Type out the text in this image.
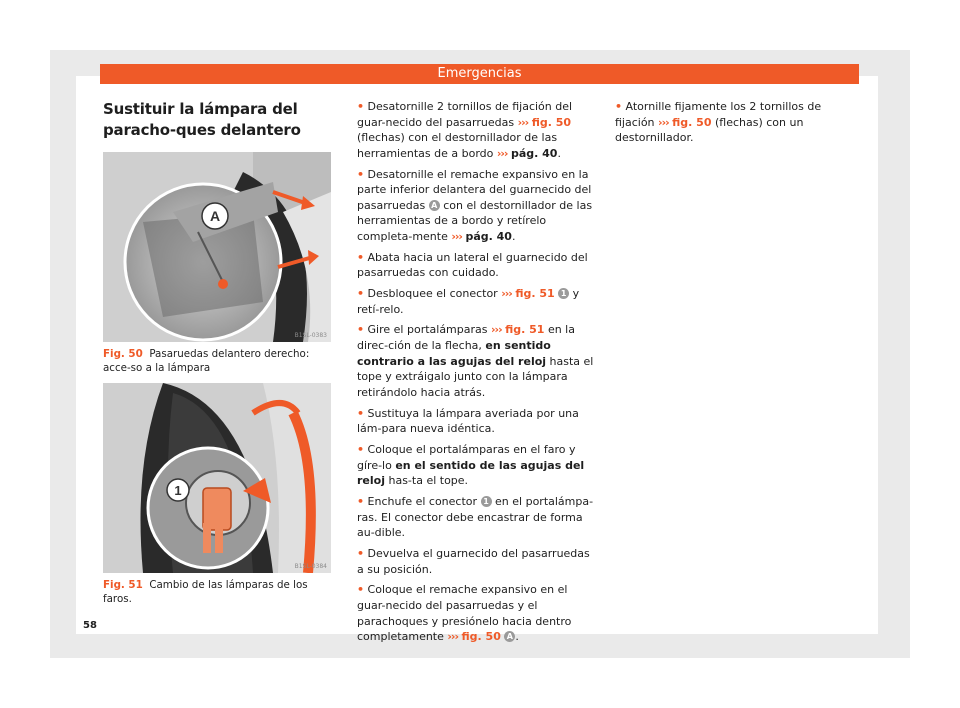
Emergencias
Sustituir la lámpara del paracho-ques delantero
A
B1SL-0383
Fig. 50 Pasaruedas delantero derecho: acce-so a la lámpara
1
B1SL-0384
Fig. 51 Cambio de las lámparas de los faros.

• Desatornille 2 tornillos de fijación del guar-necido del pasarruedas ››› fig. 50 (flechas) con el destornillador de las herramientas de a bordo ››› pág. 40.

• Desatornille el remache expansivo en la parte inferior delantera del guarnecido del pasarruedas A con el destornillador de las herramientas de a bordo y retírelo completa-mente ››› pág. 40.

• Abata hacia un lateral el guarnecido del pasarruedas con cuidado.

• Desbloquee el conector ››› fig. 51 1 y retí-relo.

• Gire el portalámparas ››› fig. 51 en la direc-ción de la flecha, en sentido contrario a las agujas del reloj hasta el tope y extráigalo junto con la lámpara retirándolo hacia atrás.

• Sustituya la lámpara averiada por una lám-para nueva idéntica.

• Coloque el portalámparas en el faro y gíre-lo en el sentido de las agujas del reloj has-ta el tope.

• Enchufe el conector 1 en el portalámpa-ras. El conector debe encastrar de forma au-dible.

• Devuelva el guarnecido del pasarruedas a su posición.

• Coloque el remache expansivo en el guar-necido del pasarruedas y el parachoques y presiónelo hacia dentro completamente ››› fig. 50 A .

• Atornille fijamente los 2 tornillos de fijación ››› fig. 50 (flechas) con un destornillador.

58
